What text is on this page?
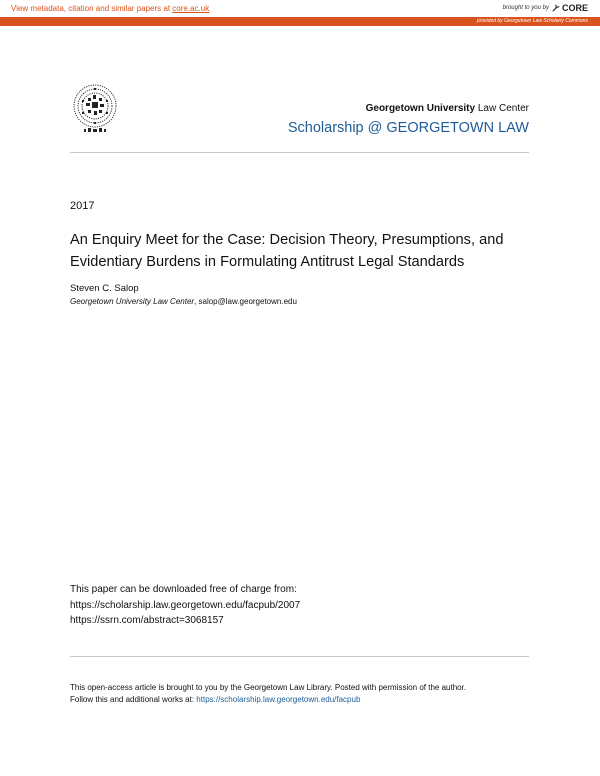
View metadata, citation and similar papers at core.ac.uk	brought to you by CORE
provided by Georgetown Law Scholarly Commons
Georgetown University Law Center
Scholarship @ GEORGETOWN LAW
2017
An Enquiry Meet for the Case: Decision Theory, Presumptions, and Evidentiary Burdens in Formulating Antitrust Legal Standards
Steven C. Salop
Georgetown University Law Center, salop@law.georgetown.edu
This paper can be downloaded free of charge from:
https://scholarship.law.georgetown.edu/facpub/2007
https://ssrn.com/abstract=3068157
This open-access article is brought to you by the Georgetown Law Library. Posted with permission of the author.
Follow this and additional works at: https://scholarship.law.georgetown.edu/facpub
